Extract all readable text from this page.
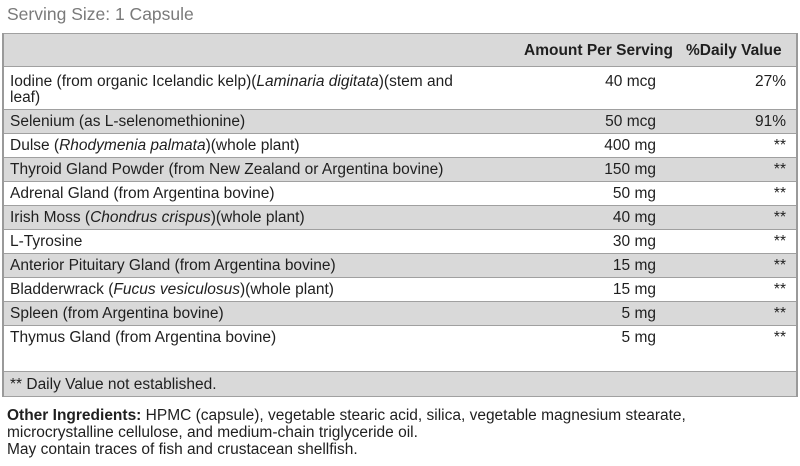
Serving Size: 1 Capsule
Amount Per Serving %Daily Value
Iodine (from organic Icelandic kelp)(Laminaria digitata)(stem and
leaf)
40 mcg	27%
Selenium (as L-selenomethionine)	50 mcg	91%
Dulse (Rhodymenia palmata)(whole plant)	400 mg	**
Thyroid Gland Powder (from New Zealand or Argentina bovine)	150 mg	**
Adrenal Gland (from Argentina bovine)	50 mg	**
Irish Moss (Chondrus crispus)(whole plant)	40 mg	**
L-Tyrosine	30 mg	**
Anterior Pituitary Gland (from Argentina bovine)	15 mg	**
Bladderwrack (Fucus vesiculosus)(whole plant)	15 mg	**
Spleen (from Argentina bovine)	5 mg	**
Thymus Gland (from Argentina bovine)	5 mg	**
** Daily Value not established.
Other Ingredients: HPMC (capsule), vegetable stearic acid, silica, vegetable magnesium stearate,
microcrystalline cellulose, and medium-chain triglyceride oil.
May contain traces of fish and crustacean shellfish.
